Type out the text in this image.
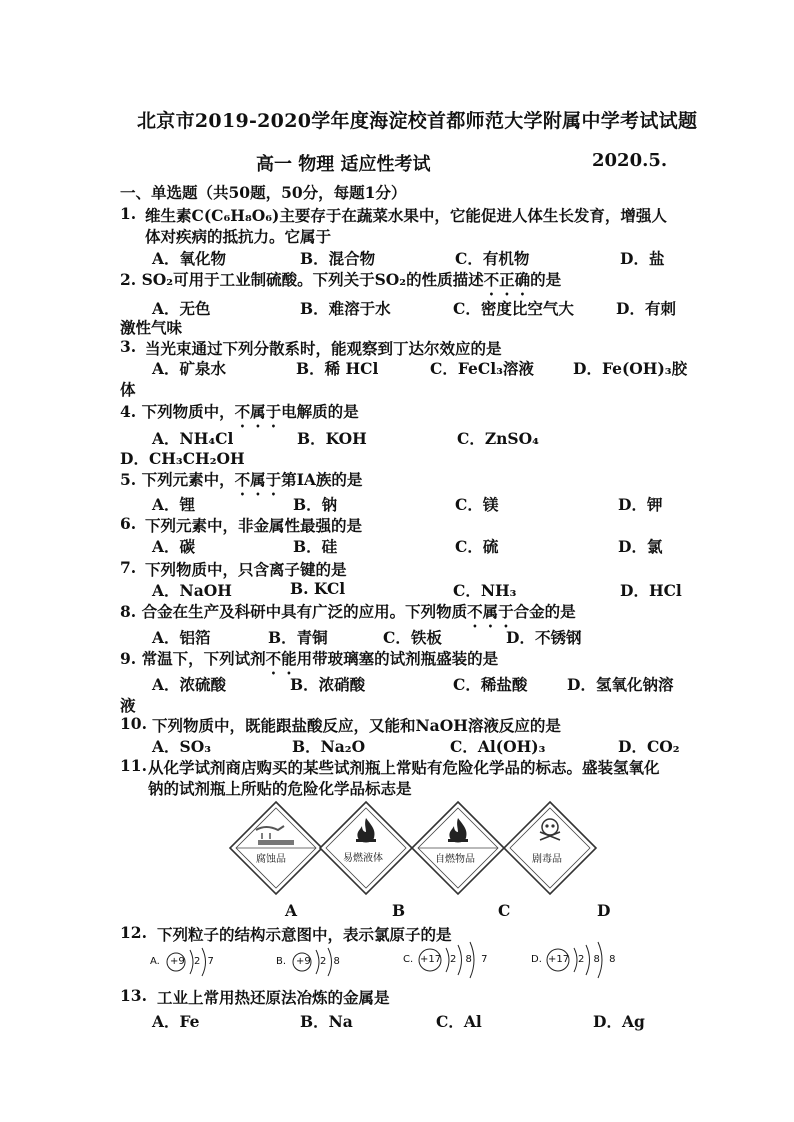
北京市2019-2020学年度海淀校首都师范大学附属中学考试试题
高一 物理 适应性考试	2020.5.
一、单选题（共50题，50分，每题1分）
1. 维生素C(C₆H₈O₆)主要存于在蔬菜水果中，它能促进人体生长发育，增强人
体对疾病的抵抗力。它属于
A．氧化物	B．混合物	C．有机物	D．盐
2. SO₂可用于工业制硫酸。下列关于SO₂的性质描述不正确的是
A．无色	B．难溶于水	C．密度比空气大	D．有刺
激性气味
3. 当光束通过下列分散系时，能观察到丁达尔效应的是
A．矿泉水	B．稀 HCl	C．FeCl₃溶液	D．Fe(OH)₃胶
体
4. 下列物质中，不属于电解质的是
A．NH₄Cl	B．KOH	C．ZnSO₄
D．CH₃CH₂OH
5. 下列元素中，不属于第IA族的是
A．锂	B．钠	C．镁	D．钾
6. 下列元素中，非金属性最强的是
A．碳	B．硅	C．硫	D．氯
7. 下列物质中，只含离子键的是
A．NaOH	B. KCl	C．NH₃	D．HCl
8. 合金在生产及科研中具有广泛的应用。下列物质不属于合金的是
A．铝箔	B．青铜	C．铁板	D．不锈钢
9. 常温下，下列试剂不能用带玻璃塞的试剂瓶盛装的是
A．浓硫酸	B．浓硝酸	C．稀盐酸	D．氢氧化钠溶
液
10. 下列物质中，既能跟盐酸反应，又能和NaOH溶液反应的是
A．SO₃	B．Na₂O	C．Al(OH)₃	D．CO₂
11. 从化学试剂商店购买的某些试剂瓶上常贴有危险化学品的标志。盛装氢氧化
钠的试剂瓶上所贴的危险化学品标志是
腐蚀品	易燃液体	自燃物品	剧毒品
A	B	C	D
12. 下列粒子的结构示意图中，表示氯原子的是
A. +9 2 7	B. +9 2 8	C. +17 2 8 7	D. +17 2 8 8
13. 工业上常用热还原法冶炼的金属是
A．Fe	B．Na	C．Al	D．Ag
